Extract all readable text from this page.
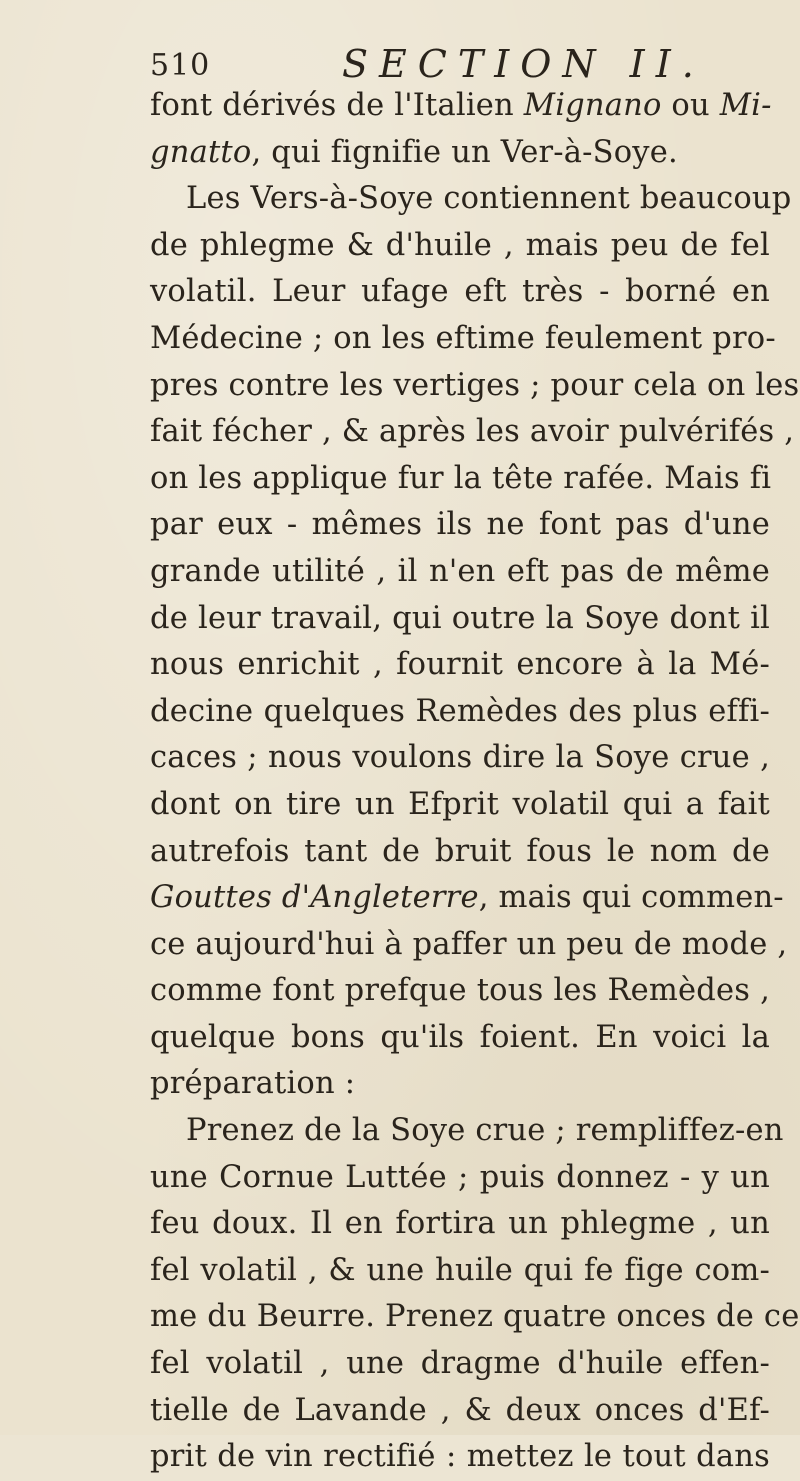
510	SECTION II.
font dérivés de l'Italien Mignano ou Mi-
gnatto, qui fignifie un Ver-à-Soye.
Les Vers-à-Soye contiennent beaucoup
de phlegme & d'huile , mais peu de fel
volatil. Leur ufage eft très - borné en
Médecine ; on les eftime feulement pro-
pres contre les vertiges ; pour cela on les
fait fécher , & après les avoir pulvérifés ,
on les applique fur la tête rafée. Mais fi
par eux - mêmes ils ne font pas d'une
grande utilité , il n'en eft pas de même
de leur travail, qui outre la Soye dont il
nous enrichit , fournit encore à la Mé-
decine quelques Remèdes des plus effi-
caces ; nous voulons dire la Soye crue ,
dont on tire un Efprit volatil qui a fait
autrefois tant de bruit fous le nom de
Gouttes d'Angleterre, mais qui commen-
ce aujourd'hui à paffer un peu de mode ,
comme font prefque tous les Remèdes ,
quelque bons qu'ils foient. En voici la
préparation :
Prenez de la Soye crue ; rempliffez-en
une Cornue Luttée ; puis donnez - y un
feu doux. Il en fortira un phlegme , un
fel volatil , & une huile qui fe fige com-
me du Beurre. Prenez quatre onces de ce
fel volatil , une dragme d'huile effen-
tielle de Lavande , & deux onces d'Ef-
prit de vin rectifié : mettez le tout dans
